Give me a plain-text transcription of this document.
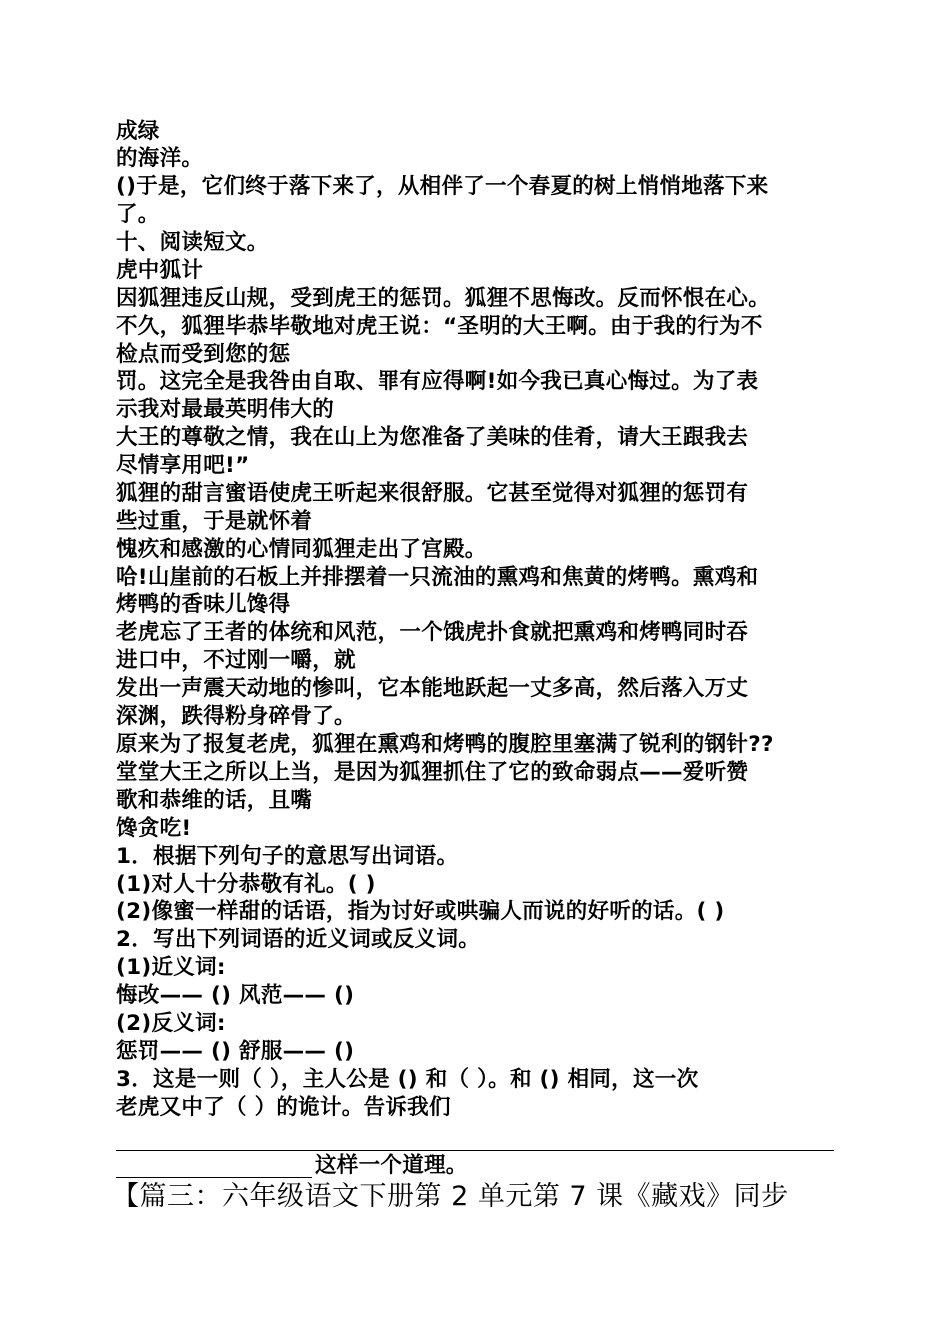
成绿
的海洋。
()于是，它们终于落下来了，从相伴了一个春夏的树上悄悄地落下来
了。
十、阅读短文。
虎中狐计
因狐狸违反山规，受到虎王的惩罚。狐狸不思悔改。反而怀恨在心。
不久，狐狸毕恭毕敬地对虎王说：“圣明的大王啊。由于我的行为不
检点而受到您的惩
罚。这完全是我咎由自取、罪有应得啊!如今我已真心悔过。为了表
示我对最最英明伟大的
大王的尊敬之情，我在山上为您准备了美味的佳肴，请大王跟我去
尽情享用吧!”
狐狸的甜言蜜语使虎王听起来很舒服。它甚至觉得对狐狸的惩罚有
些过重，于是就怀着
愧疚和感激的心情同狐狸走出了宫殿。
哈!山崖前的石板上并排摆着一只流油的熏鸡和焦黄的烤鸭。熏鸡和
烤鸭的香味儿馋得
老虎忘了王者的体统和风范，一个饿虎扑食就把熏鸡和烤鸭同时吞
进口中，不过刚一嚼，就
发出一声震天动地的惨叫，它本能地跃起一丈多高，然后落入万丈
深渊，跌得粉身碎骨了。
原来为了报复老虎，狐狸在熏鸡和烤鸭的腹腔里塞满了锐利的钢针??
堂堂大王之所以上当，是因为狐狸抓住了它的致命弱点——爱听赞
歌和恭维的话，且嘴
馋贪吃!
1．根据下列句子的意思写出词语。
(1)对人十分恭敬有礼。( )
(2)像蜜一样甜的话语，指为讨好或哄骗人而说的好听的话。( )
2．写出下列词语的近义词或反义词。
(1)近义词:
悔改—— () 风范—— ()
(2)反义词:
惩罚—— () 舒服—— ()
3．这是一则（ ），主人公是 () 和（ ）。和 () 相同，这一次
老虎又中了（ ）的诡计。告诉我们
这样一个道理。
【篇三：六年级语文下册第 2 单元第 7 课《藏戏》同步
